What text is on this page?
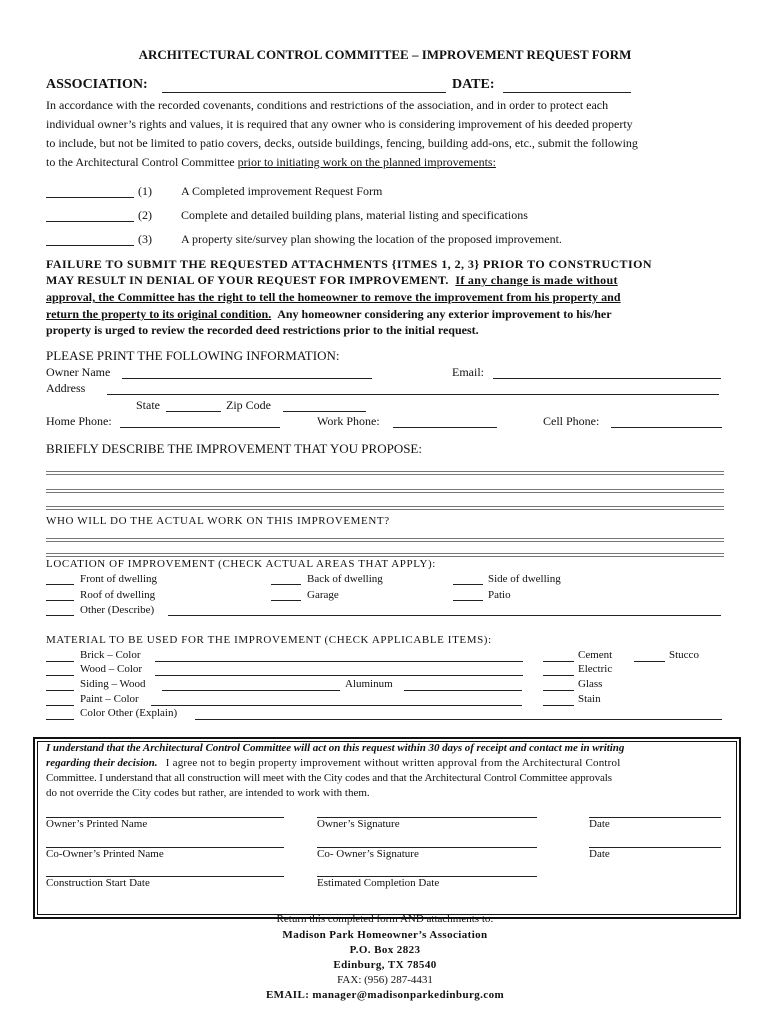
ARCHITECTURAL CONTROL COMMITTEE – IMPROVEMENT REQUEST FORM
ASSOCIATION:	DATE:
In accordance with the recorded covenants, conditions and restrictions of the association, and in order to protect each
individual owner’s rights and values, it is required that any owner who is considering improvement of his deeded property
to include, but not be limited to patio covers, decks, outside buildings, fencing, building add-ons, etc., submit the following
to the Architectural Control Committee prior to initiating work on the planned improvements:
(1) A Completed improvement Request Form
(2) Complete and detailed building plans, material listing and specifications
(3) A property site/survey plan showing the location of the proposed improvement.
FAILURE TO SUBMIT THE REQUESTED ATTACHMENTS {ITMES 1, 2, 3} PRIOR TO CONSTRUCTION
MAY RESULT IN DENIAL OF YOUR REQUEST FOR IMPROVEMENT. If any change is made without
approval, the Committee has the right to tell the homeowner to remove the improvement from his property and
return the property to its original condition. Any homeowner considering any exterior improvement to his/her
property is urged to review the recorded deed restrictions prior to the initial request.
PLEASE PRINT THE FOLLOWING INFORMATION:
Owner Name	Email:
Address
State	Zip Code
Home Phone:	Work Phone:	Cell Phone:
BRIEFLY DESCRIBE THE IMPROVEMENT THAT YOU PROPOSE:
WHO WILL DO THE ACTUAL WORK ON THIS IMPROVEMENT?
LOCATION OF IMPROVEMENT (CHECK ACTUAL AREAS THAT APPLY):
Front of dwelling	Back of dwelling	Side of dwelling
Roof of dwelling	Garage	Patio
Other (Describe)
MATERIAL TO BE USED FOR THE IMPROVEMENT (CHECK APPLICABLE ITEMS):
Brick – Color	Cement	Stucco
Wood – Color	Electric
Siding – Wood	Aluminum	Glass
Paint – Color	Stain
Color Other (Explain)
I understand that the Architectural Control Committee will act on this request within 30 days of receipt and contact me in writing
regarding their decision. I agree not to begin property improvement without written approval from the Architectural Control
Committee. I understand that all construction will meet with the City codes and that the Architectural Control Committee approvals
do not override the City codes but rather, are intended to work with them.
Owner’s Printed Name	Owner’s Signature	Date
Co-Owner’s Printed Name	Co- Owner’s Signature	Date
Construction Start Date	Estimated Completion Date
Return this completed form AND attachments to:
Madison Park Homeowner’s Association
P.O. Box 2823
Edinburg, TX 78540
FAX: (956) 287-4431
EMAIL: manager@madisonparkedinburg.com
